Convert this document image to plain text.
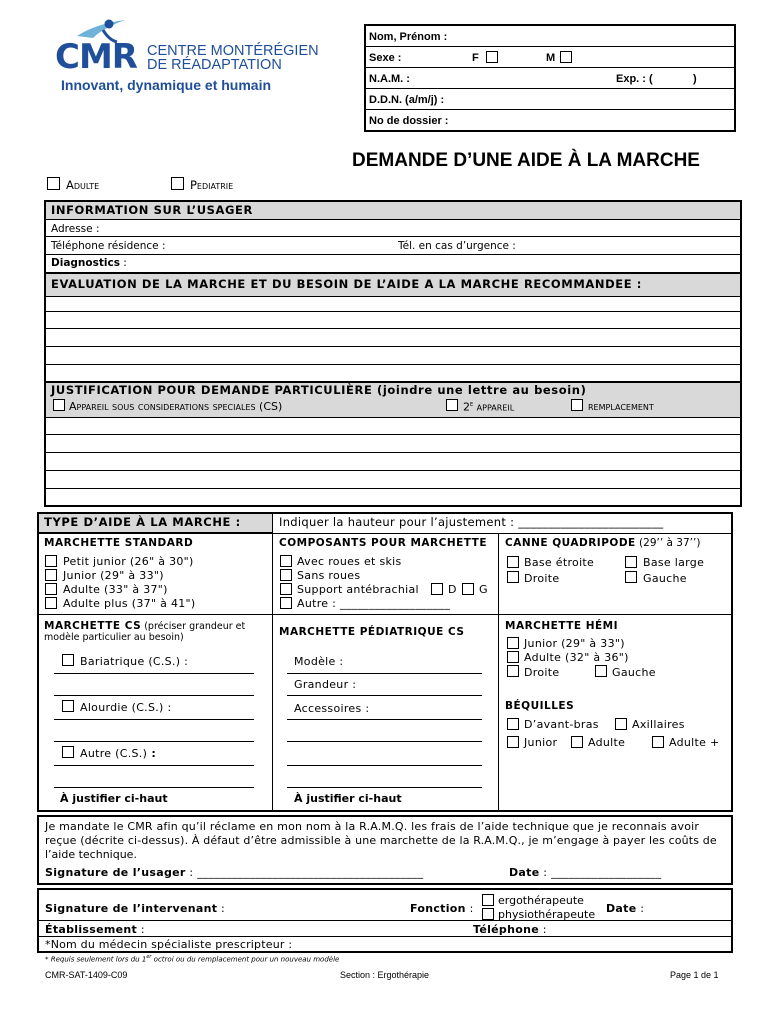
CMR CENTRE MONTÉRÉGIEN
DE RÉADAPTATION
Innovant, dynamique et humain
Nom, Prénom :
Sexe :	F	M
N.A.M. :	Exp. : (	)
D.D.N. (a/m/j) :
No de dossier :
DEMANDE D’UNE AIDE À LA MARCHE
Adulte	Pediatrie
INFORMATION SUR L’USAGER
Adresse :
Téléphone résidence :	Tél. en cas d’urgence :
Diagnostics :
EVALUATION DE LA MARCHE ET DU BESOIN DE L’AIDE A LA MARCHE RECOMMANDEE :
JUSTIFICATION POUR DEMANDE PARTICULIÈRE (joindre une lettre au besoin)
Appareil sous considerations speciales (CS)	2e appareil	remplacement
TYPE D’AIDE À LA MARCHE :	Indiquer la hauteur pour l’ajustement : ________________________
MARCHETTE STANDARD
Petit junior (26" à 30")
Junior (29" à 33")
Adulte (33" à 37")
Adulte plus (37" à 41")
MARCHETTE CS (préciser grandeur et
modèle particulier au besoin)
Bariatrique (C.S.) :
Alourdie (C.S.) :
Autre (C.S.) :
À justifier ci-haut
COMPOSANTS POUR MARCHETTE
Avec roues et skis
Sans roues
Support antébrachial	D G
Autre : ___________________
MARCHETTE PÉDIATRIQUE CS
Modèle :
Grandeur :
Accessoires :
À justifier ci-haut
CANNE QUADRIPODE (29’’ à 37’’)
Base étroite	Base large
Droite	Gauche
MARCHETTE HÉMI
Junior (29" à 33")
Adulte (32" à 36")
Droite	Gauche
BÉQUILLES
D’avant-bras	Axillaires
Junior	Adulte	Adulte +
Je mandate le CMR afin qu’il réclame en mon nom à la R.A.M.Q. les frais de l’aide technique que je reconnais avoir
reçue (décrite ci-dessus). À défaut d’être admissible à une marchette de la R.A.M.Q., je m’engage à payer les coûts de
l’aide technique.
Signature de l’usager : _______________________________________	Date : ___________________
Signature de l’intervenant :	Fonction :
ergothérapeute
physiothérapeute Date :
Établissement :	Téléphone :
*Nom du médecin spécialiste prescripteur :
* Requis seulement lors du 1er octroi ou du remplacement pour un nouveau modèle
CMR-SAT-1409-C09	Section : Ergothérapie	Page 1 de 1
